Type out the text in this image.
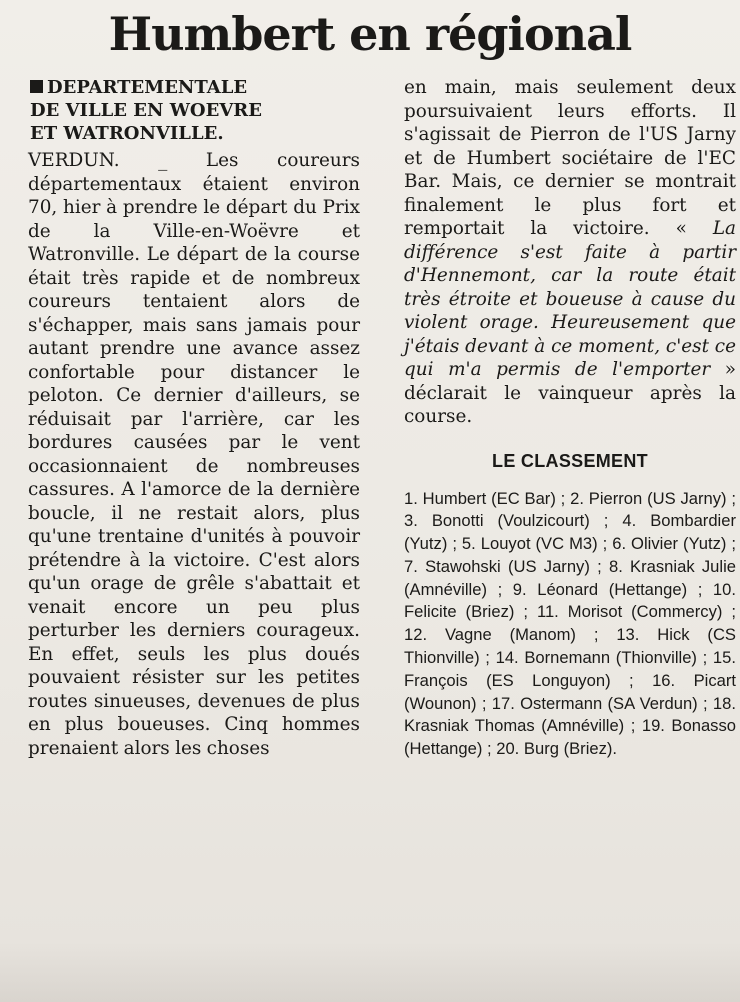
Humbert en régional
DEPARTEMENTALE
DE VILLE EN WOEVRE
ET WATRONVILLE.

VERDUN. _ Les coureurs départementaux étaient environ 70, hier à prendre le départ du Prix de la Ville-en-Woëvre et Watronville. Le départ de la course était très rapide et de nombreux coureurs tentaient alors de s'échapper, mais sans jamais pour autant prendre une avance assez confortable pour distancer le peloton. Ce dernier d'ailleurs, se réduisait par l'arrière, car les bordures causées par le vent occasionnaient de nombreuses cassures. A l'amorce de la dernière boucle, il ne restait alors, plus qu'une trentaine d'unités à pouvoir prétendre à la victoire. C'est alors qu'un orage de grêle s'abattait et venait encore un peu plus perturber les derniers courageux. En effet, seuls les plus doués pouvaient résister sur les petites routes sinueuses, devenues de plus en plus boueuses. Cinq hommes prenaient alors les choses

en main, mais seulement deux poursuivaient leurs efforts. Il s'agissait de Pierron de l'US Jarny et de Humbert sociétaire de l'EC Bar. Mais, ce dernier se montrait finalement le plus fort et remportait la victoire. « La différence s'est faite à partir d'Hennemont, car la route était très étroite et boueuse à cause du violent orage. Heureusement que j'étais devant à ce moment, c'est ce qui m'a permis de l'emporter » déclarait le vainqueur après la course.

LE CLASSEMENT

1. Humbert (EC Bar) ; 2. Pierron (US Jarny) ; 3. Bonotti (Voulzicourt) ; 4. Bombardier (Yutz) ; 5. Louyot (VC M3) ; 6. Olivier (Yutz) ; 7. Stawohski (US Jarny) ; 8. Krasniak Julie (Amnéville) ; 9. Léonard (Hettange) ; 10. Felicite (Briez) ; 11. Morisot (Commercy) ; 12. Vagne (Manom) ; 13. Hick (CS Thionville) ; 14. Bornemann (Thionville) ; 15. François (ES Longuyon) ; 16. Picart (Wounon) ; 17. Ostermann (SA Verdun) ; 18. Krasniak Thomas (Amnéville) ; 19. Bonasso (Hettange) ; 20. Burg (Briez).
